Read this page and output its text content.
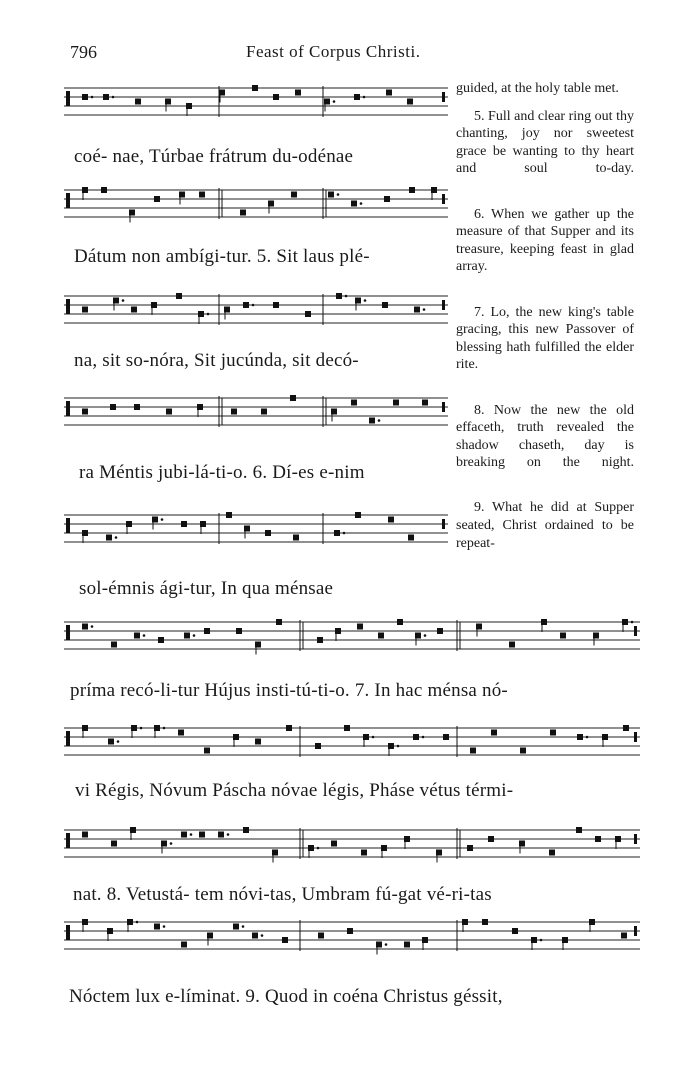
796	Feast of Corpus Christi.
coé- nae, Túrbae frátrum du-odénae
Dátum non ambígi-tur. 5. Sit laus plé-
na, sit so-nóra, Sit jucúnda, sit decó-
ra Méntis jubi-lá-ti-o. 6. Dí-es e-nim
sol-émnis ági-tur, In qua ménsae
príma recó-li-tur Hújus insti-tú-ti-o. 7. In hac ménsa nó-
vi Régis, Nóvum Páscha nóvae légis, Pháse vétus térmi-
nat. 8. Vetustá- tem nóvi-tas, Umbram fú-gat vé-ri-tas
Nóctem lux e-líminat. 9. Quod in coéna Christus géssit,
guided, at the holy table met.
5. Full and clear ring out thy chanting, joy nor sweetest grace be wanting to thy heart and soul to-day.
6. When we gather up the measure of that Supper and its treasure, keeping feast in glad array.
7. Lo, the new king's table gracing, this new Passover of blessing hath fulfilled the elder rite.
8. Now the new the old effaceth, truth revealed the shadow chaseth, day is breaking on the night.
9. What he did at Supper seated, Christ ordained to be repeat-
